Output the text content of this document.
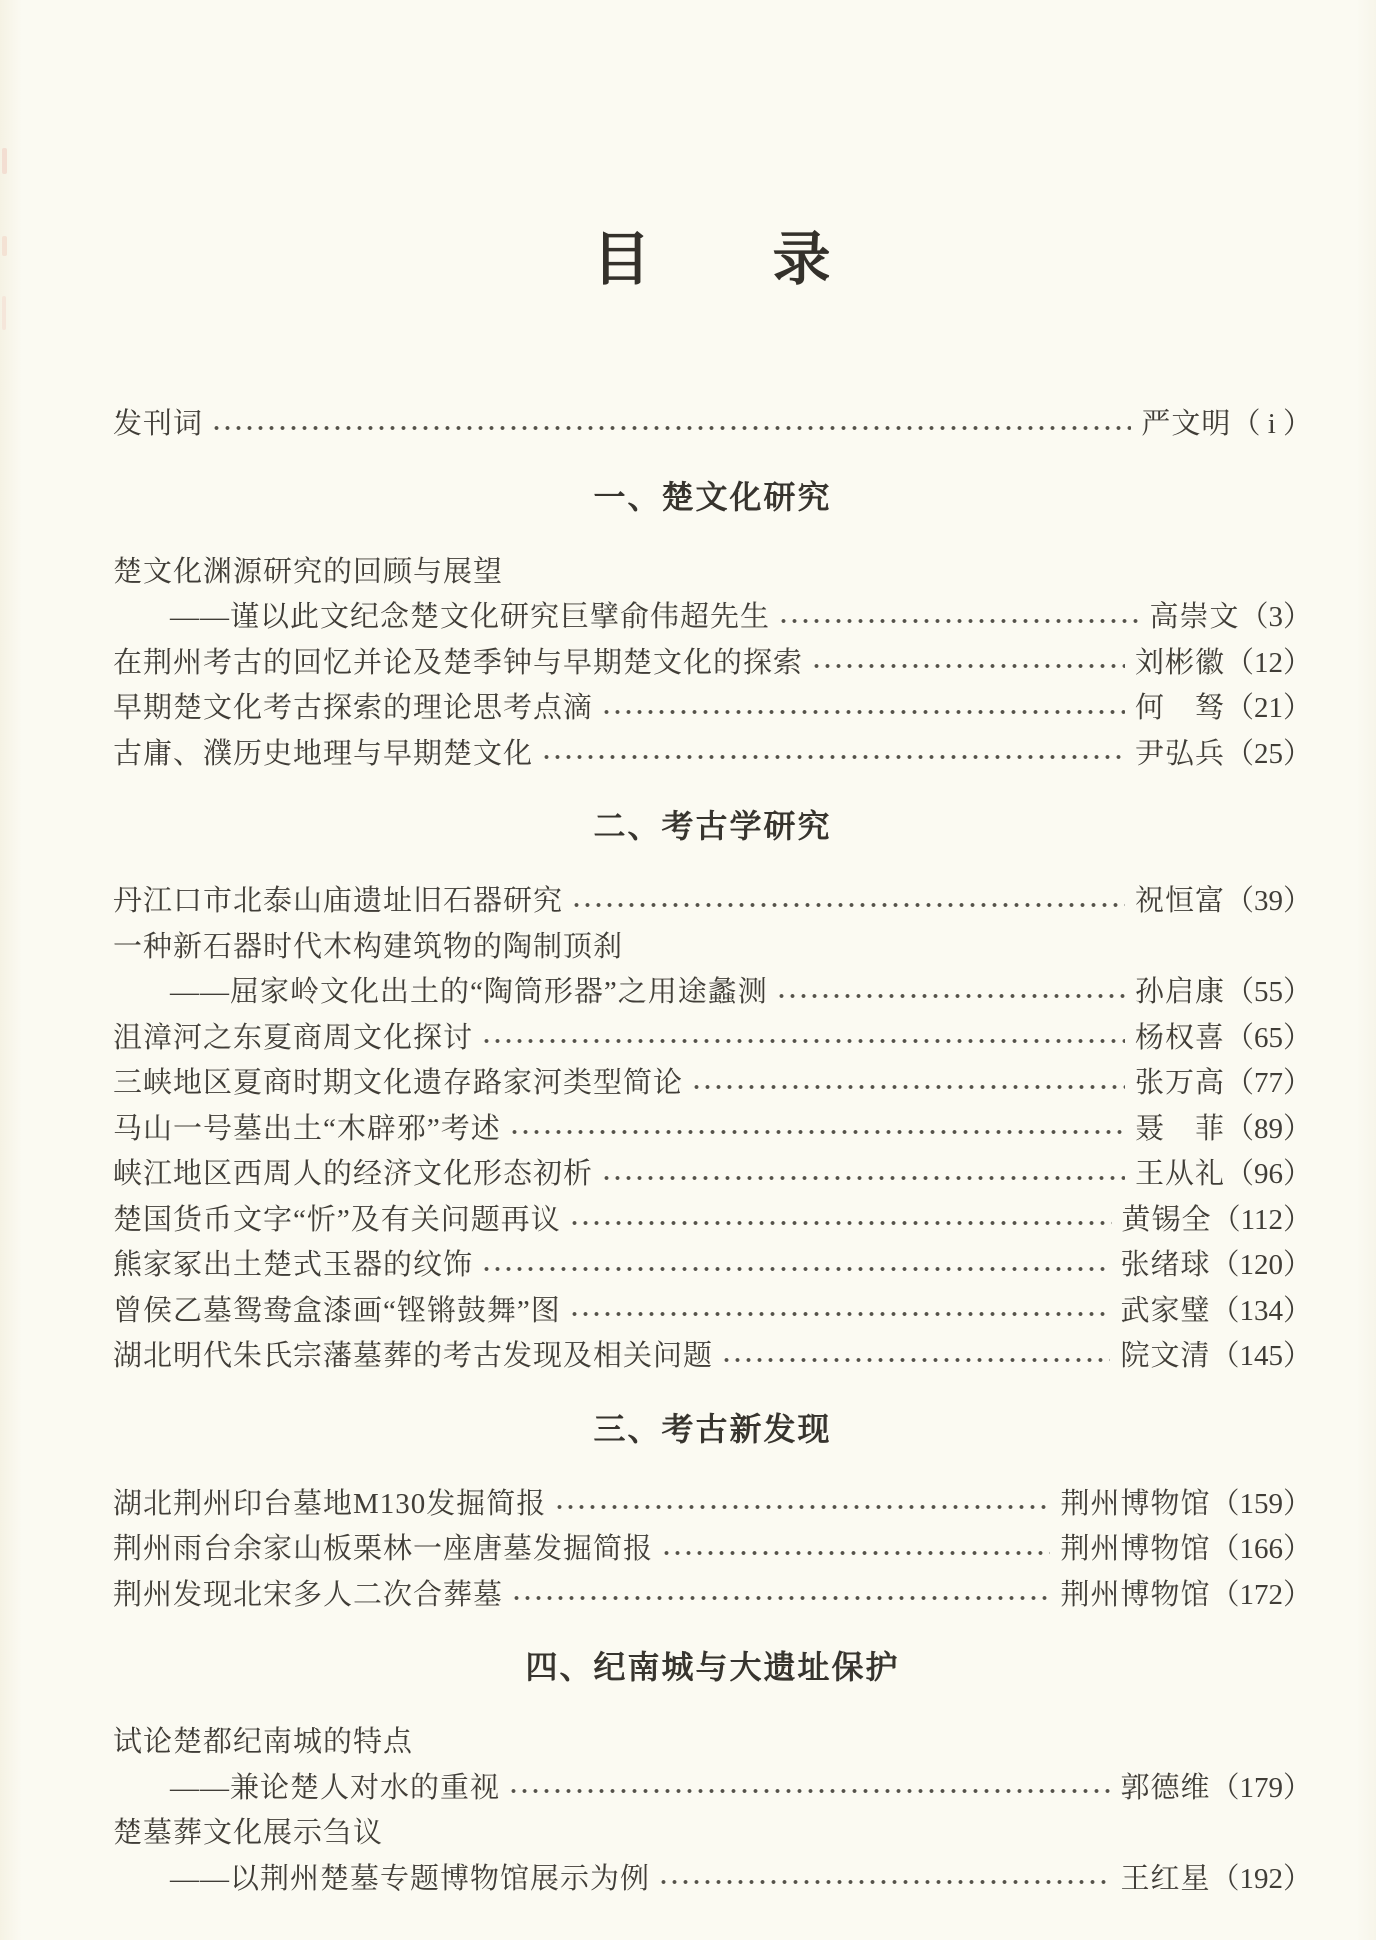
目　　录
发刊词	严文明 （ i ）
一、楚文化研究
楚文化渊源研究的回顾与展望
——谨以此文纪念楚文化研究巨擘俞伟超先生	高崇文 （3）
在荆州考古的回忆并论及楚季钟与早期楚文化的探索	刘彬徽 （12）
早期楚文化考古探索的理论思考点滴	何　驽 （21）
古庸、濮历史地理与早期楚文化	尹弘兵 （25）
二、考古学研究
丹江口市北泰山庙遗址旧石器研究	祝恒富 （39）
一种新石器时代木构建筑物的陶制顶刹
——屈家岭文化出土的“陶筒形器”之用途蠡测	孙启康 （55）
沮漳河之东夏商周文化探讨	杨权喜 （65）
三峡地区夏商时期文化遗存路家河类型简论	张万高 （77）
马山一号墓出土“木辟邪”考述	聂　菲 （89）
峡江地区西周人的经济文化形态初析	王从礼 （96）
楚国货币文字“忻”及有关问题再议	黄锡全 （112）
熊家冢出土楚式玉器的纹饰	张绪球 （120）
曾侯乙墓鸳鸯盒漆画“铿锵鼓舞”图	武家璧 （134）
湖北明代朱氏宗藩墓葬的考古发现及相关问题	院文清 （145）
三、考古新发现
湖北荆州印台墓地M130发掘简报	荆州博物馆 （159）
荆州雨台余家山板栗林一座唐墓发掘简报	荆州博物馆 （166）
荆州发现北宋多人二次合葬墓	荆州博物馆 （172）
四、纪南城与大遗址保护
试论楚都纪南城的特点
——兼论楚人对水的重视	郭德维 （179）
楚墓葬文化展示刍议
——以荆州楚墓专题博物馆展示为例	王红星 （192）
